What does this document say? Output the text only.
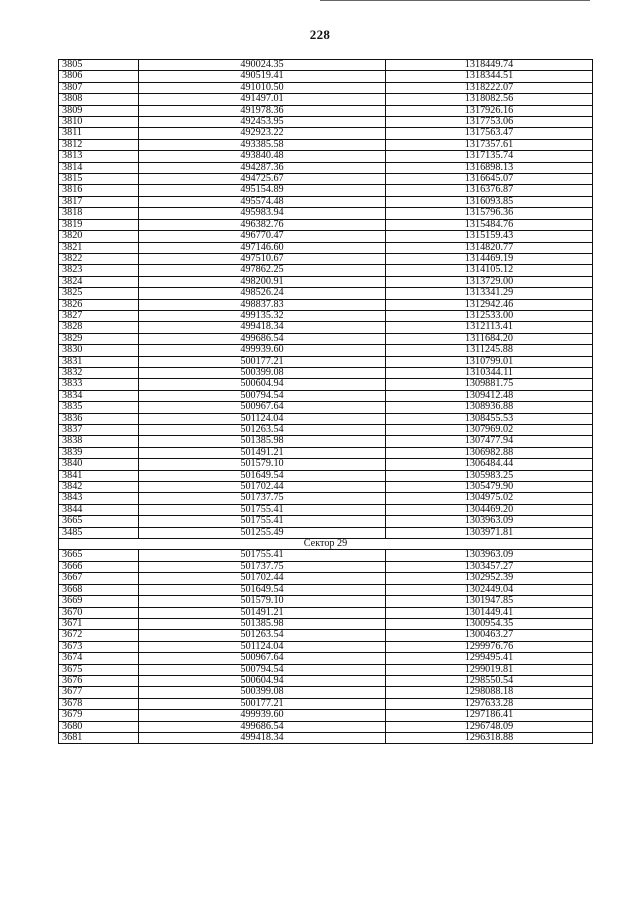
228
3805	490024.35	1318449.74
3806	490519.41	1318344.51
3807	491010.50	1318222.07
3808	491497.01	1318082.56
3809	491978.36	1317926.16
3810	492453.95	1317753.06
3811	492923.22	1317563.47
3812	493385.58	1317357.61
3813	493840.48	1317135.74
3814	494287.36	1316898.13
3815	494725.67	1316645.07
3816	495154.89	1316376.87
3817	495574.48	1316093.85
3818	495983.94	1315796.36
3819	496382.76	1315484.76
3820	496770.47	1315159.43
3821	497146.60	1314820.77
3822	497510.67	1314469.19
3823	497862.25	1314105.12
3824	498200.91	1313729.00
3825	498526.24	1313341.29
3826	498837.83	1312942.46
3827	499135.32	1312533.00
3828	499418.34	1312113.41
3829	499686.54	1311684.20
3830	499939.60	1311245.88
3831	500177.21	1310799.01
3832	500399.08	1310344.11
3833	500604.94	1309881.75
3834	500794.54	1309412.48
3835	500967.64	1308936.88
3836	501124.04	1308455.53
3837	501263.54	1307969.02
3838	501385.98	1307477.94
3839	501491.21	1306982.88
3840	501579.10	1306484.44
3841	501649.54	1305983.25
3842	501702.44	1305479.90
3843	501737.75	1304975.02
3844	501755.41	1304469.20
3665	501755.41	1303963.09
3485	501255.49	1303971.81
Сектор 29		
3665	501755.41	1303963.09
3666	501737.75	1303457.27
3667	501702.44	1302952.39
3668	501649.54	1302449.04
3669	501579.10	1301947.85
3670	501491.21	1301449.41
3671	501385.98	1300954.35
3672	501263.54	1300463.27
3673	501124.04	1299976.76
3674	500967.64	1299495.41
3675	500794.54	1299019.81
3676	500604.94	1298550.54
3677	500399.08	1298088.18
3678	500177.21	1297633.28
3679	499939.60	1297186.41
3680	499686.54	1296748.09
3681	499418.34	1296318.88
